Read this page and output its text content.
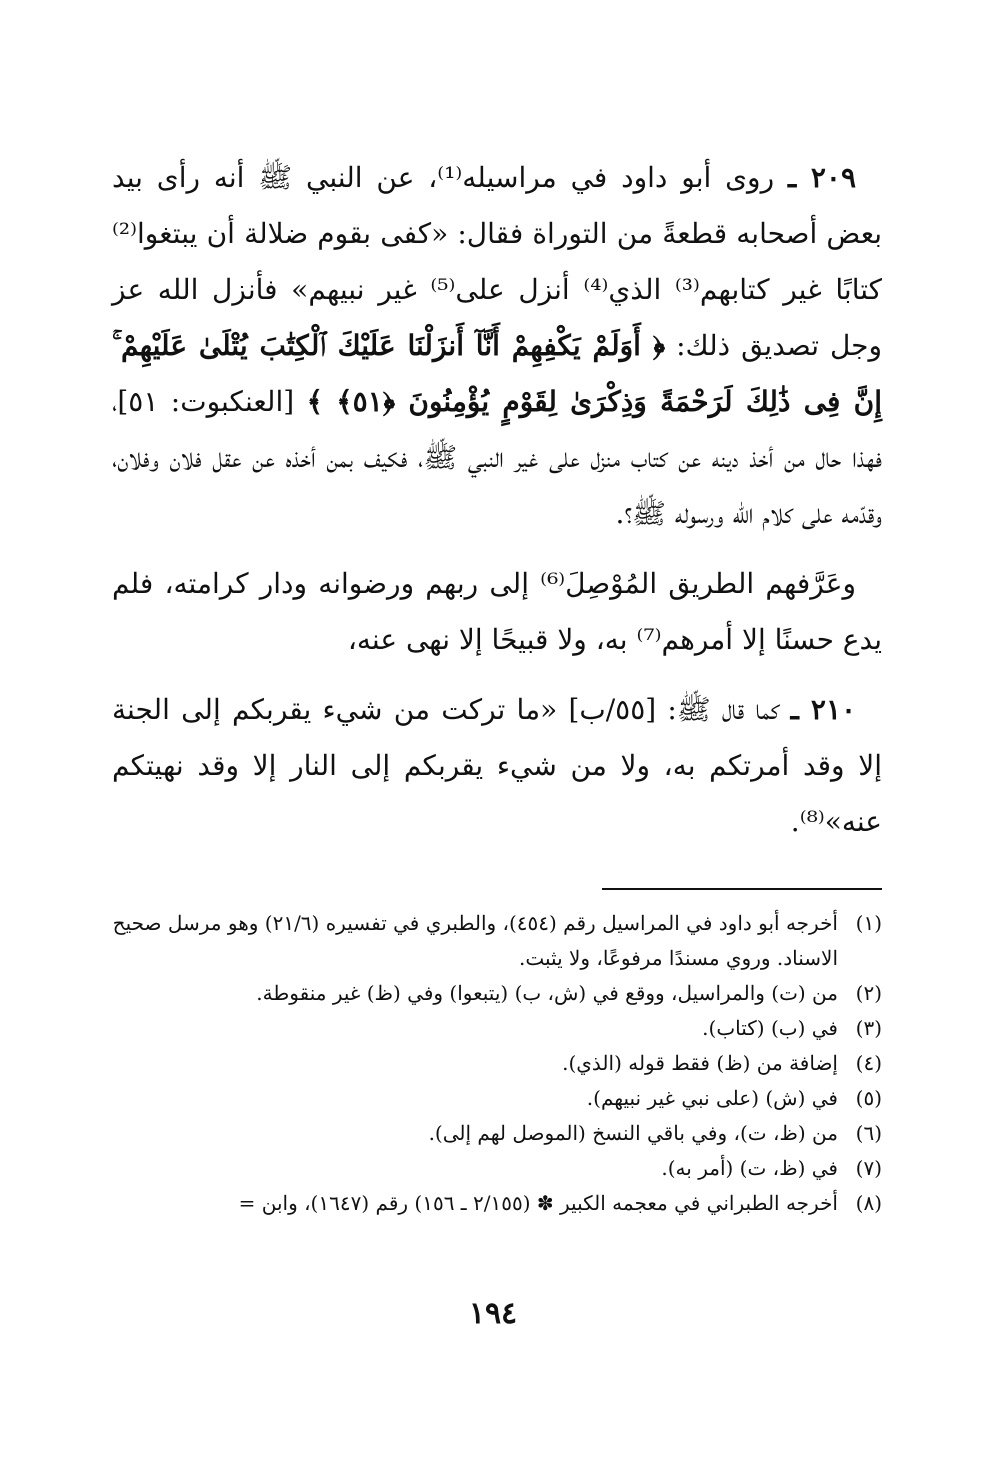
٢٠٩ ـ روى أبو داود في مراسيله⁽¹⁾، عن النبي ﷺ أنه رأى بيد بعض أصحابه قطعةً من التوراة فقال: «كفى بقوم ضلالة أن يبتغوا⁽²⁾ كتابًا غير كتابهم⁽³⁾ الذي⁽⁴⁾ أنزل على⁽⁵⁾ غير نبيهم» فأنزل الله عز وجل تصديق ذلك: ﴿ أَوَلَمْ يَكْفِهِمْ أَنَّآ أَنزَلْنَا عَلَيْكَ ٱلْكِتَٰبَ يُتْلَىٰ عَلَيْهِمْ ۚ إِنَّ فِى ذَٰلِكَ لَرَحْمَةً وَذِكْرَىٰ لِقَوْمٍ يُؤْمِنُونَ ﴿٥١﴾ ﴾ [العنكبوت: ٥١]، فهذا حال من أخذ دينه عن كتاب منزل على غير النبي ﷺ، فكيف بمن أخذه عن عقل فلان وفلان، وقدّمه على كلام الله ورسوله ﷺ؟.

وعَرَّفهم الطريق المُوْصِلَ⁽⁶⁾ إلى ربهم ورضوانه ودار كرامته، فلم يدع حسنًا إلا أمرهم⁽⁷⁾ به، ولا قبيحًا إلا نهى عنه،

٢١٠ ـ كما قال ﷺ: [٥٥/ب] «ما تركت من شيء يقربكم إلى الجنة إلا وقد أمرتكم به، ولا من شيء يقربكم إلى النار إلا وقد نهيتكم عنه»⁽⁸⁾.

(١)
أخرجه أبو داود في المراسيل رقم (٤٥٤)، والطبري في تفسيره (٢١/٦) وهو مرسل صحيح الاسناد. وروي مسندًا مرفوعًا، ولا يثبت.
(٢)
من (ت) والمراسيل، ووقع في (ش، ب) (يتبعوا) وفي (ظ) غير منقوطة.
(٣)
في (ب) (كتاب).
(٤)
إضافة من (ظ) فقط قوله (الذي).
(٥)
في (ش) (على نبي غير نبيهم).
(٦)
من (ظ، ت)، وفي باقي النسخ (الموصل لهم إلى).
(٧)
في (ظ، ت) (أمر به).
(٨)
أخرجه الطبراني في معجمه الكبير ✽ (٢/١٥٥ ـ ١٥٦) رقم (١٦٤٧)، وابن =
١٩٤
